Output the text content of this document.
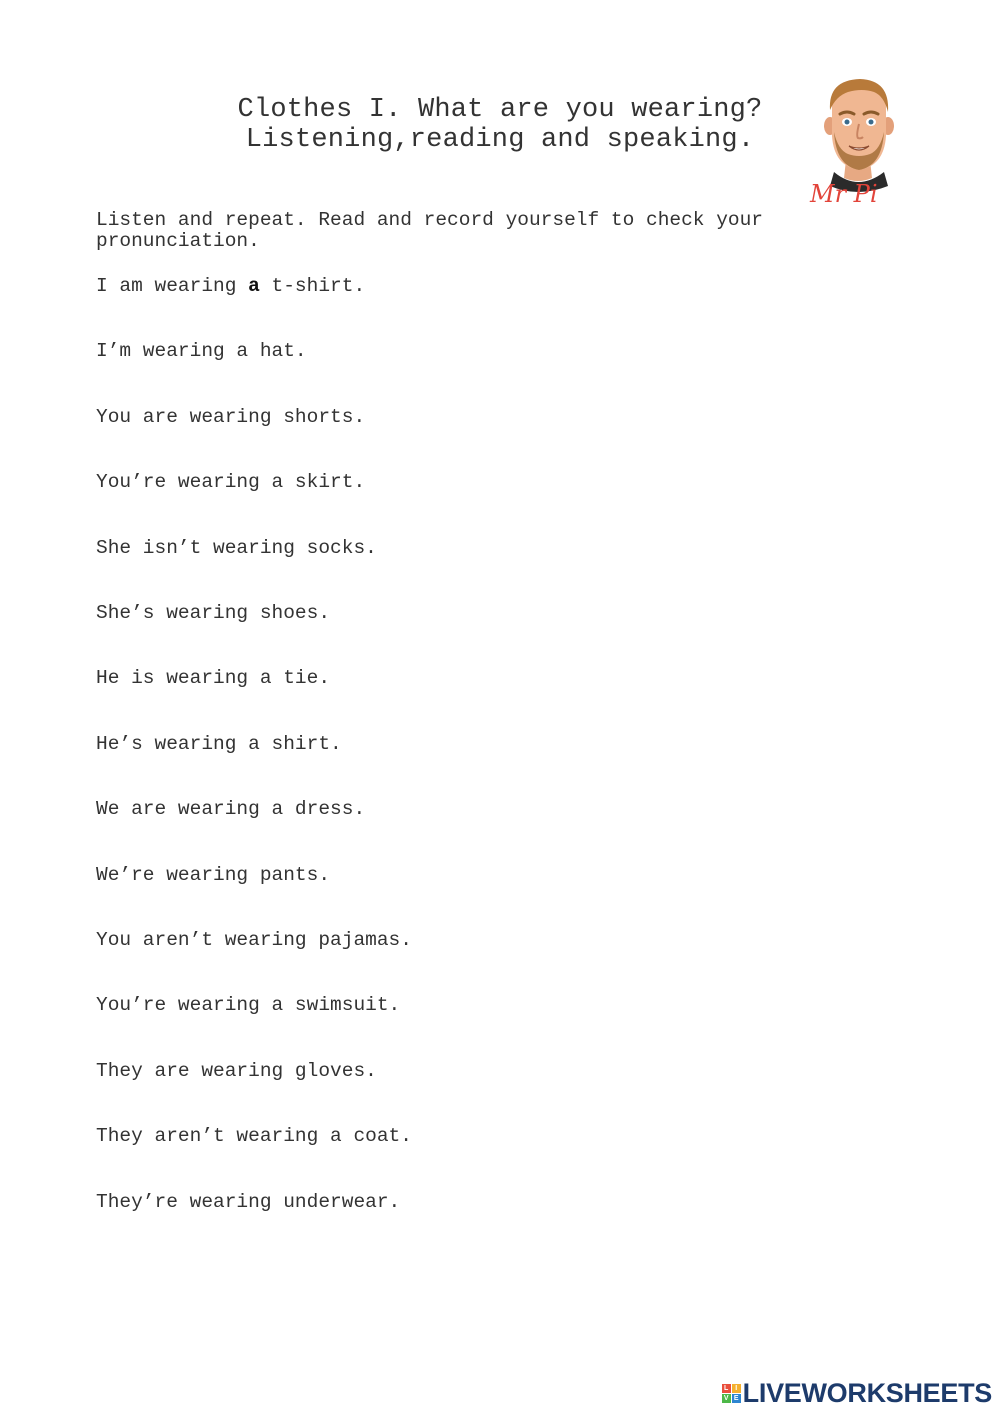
Clothes I. What are you wearing?
Listening,reading and speaking.
Mr Pi
Listen and repeat. Read and record yourself to check your pronunciation.
I am wearing a t-shirt.
I’m wearing a hat.
You are wearing shorts.
You’re wearing a skirt.
She isn’t wearing socks.
She’s wearing shoes.
He is wearing a tie.
He’s wearing a shirt.
We are wearing a dress.
We’re wearing pants.
You aren’t wearing pajamas.
You’re wearing a swimsuit.
They are wearing gloves.
They aren’t wearing a coat.
They’re wearing underwear.
L I
V E LIVEWORKSHEETS
